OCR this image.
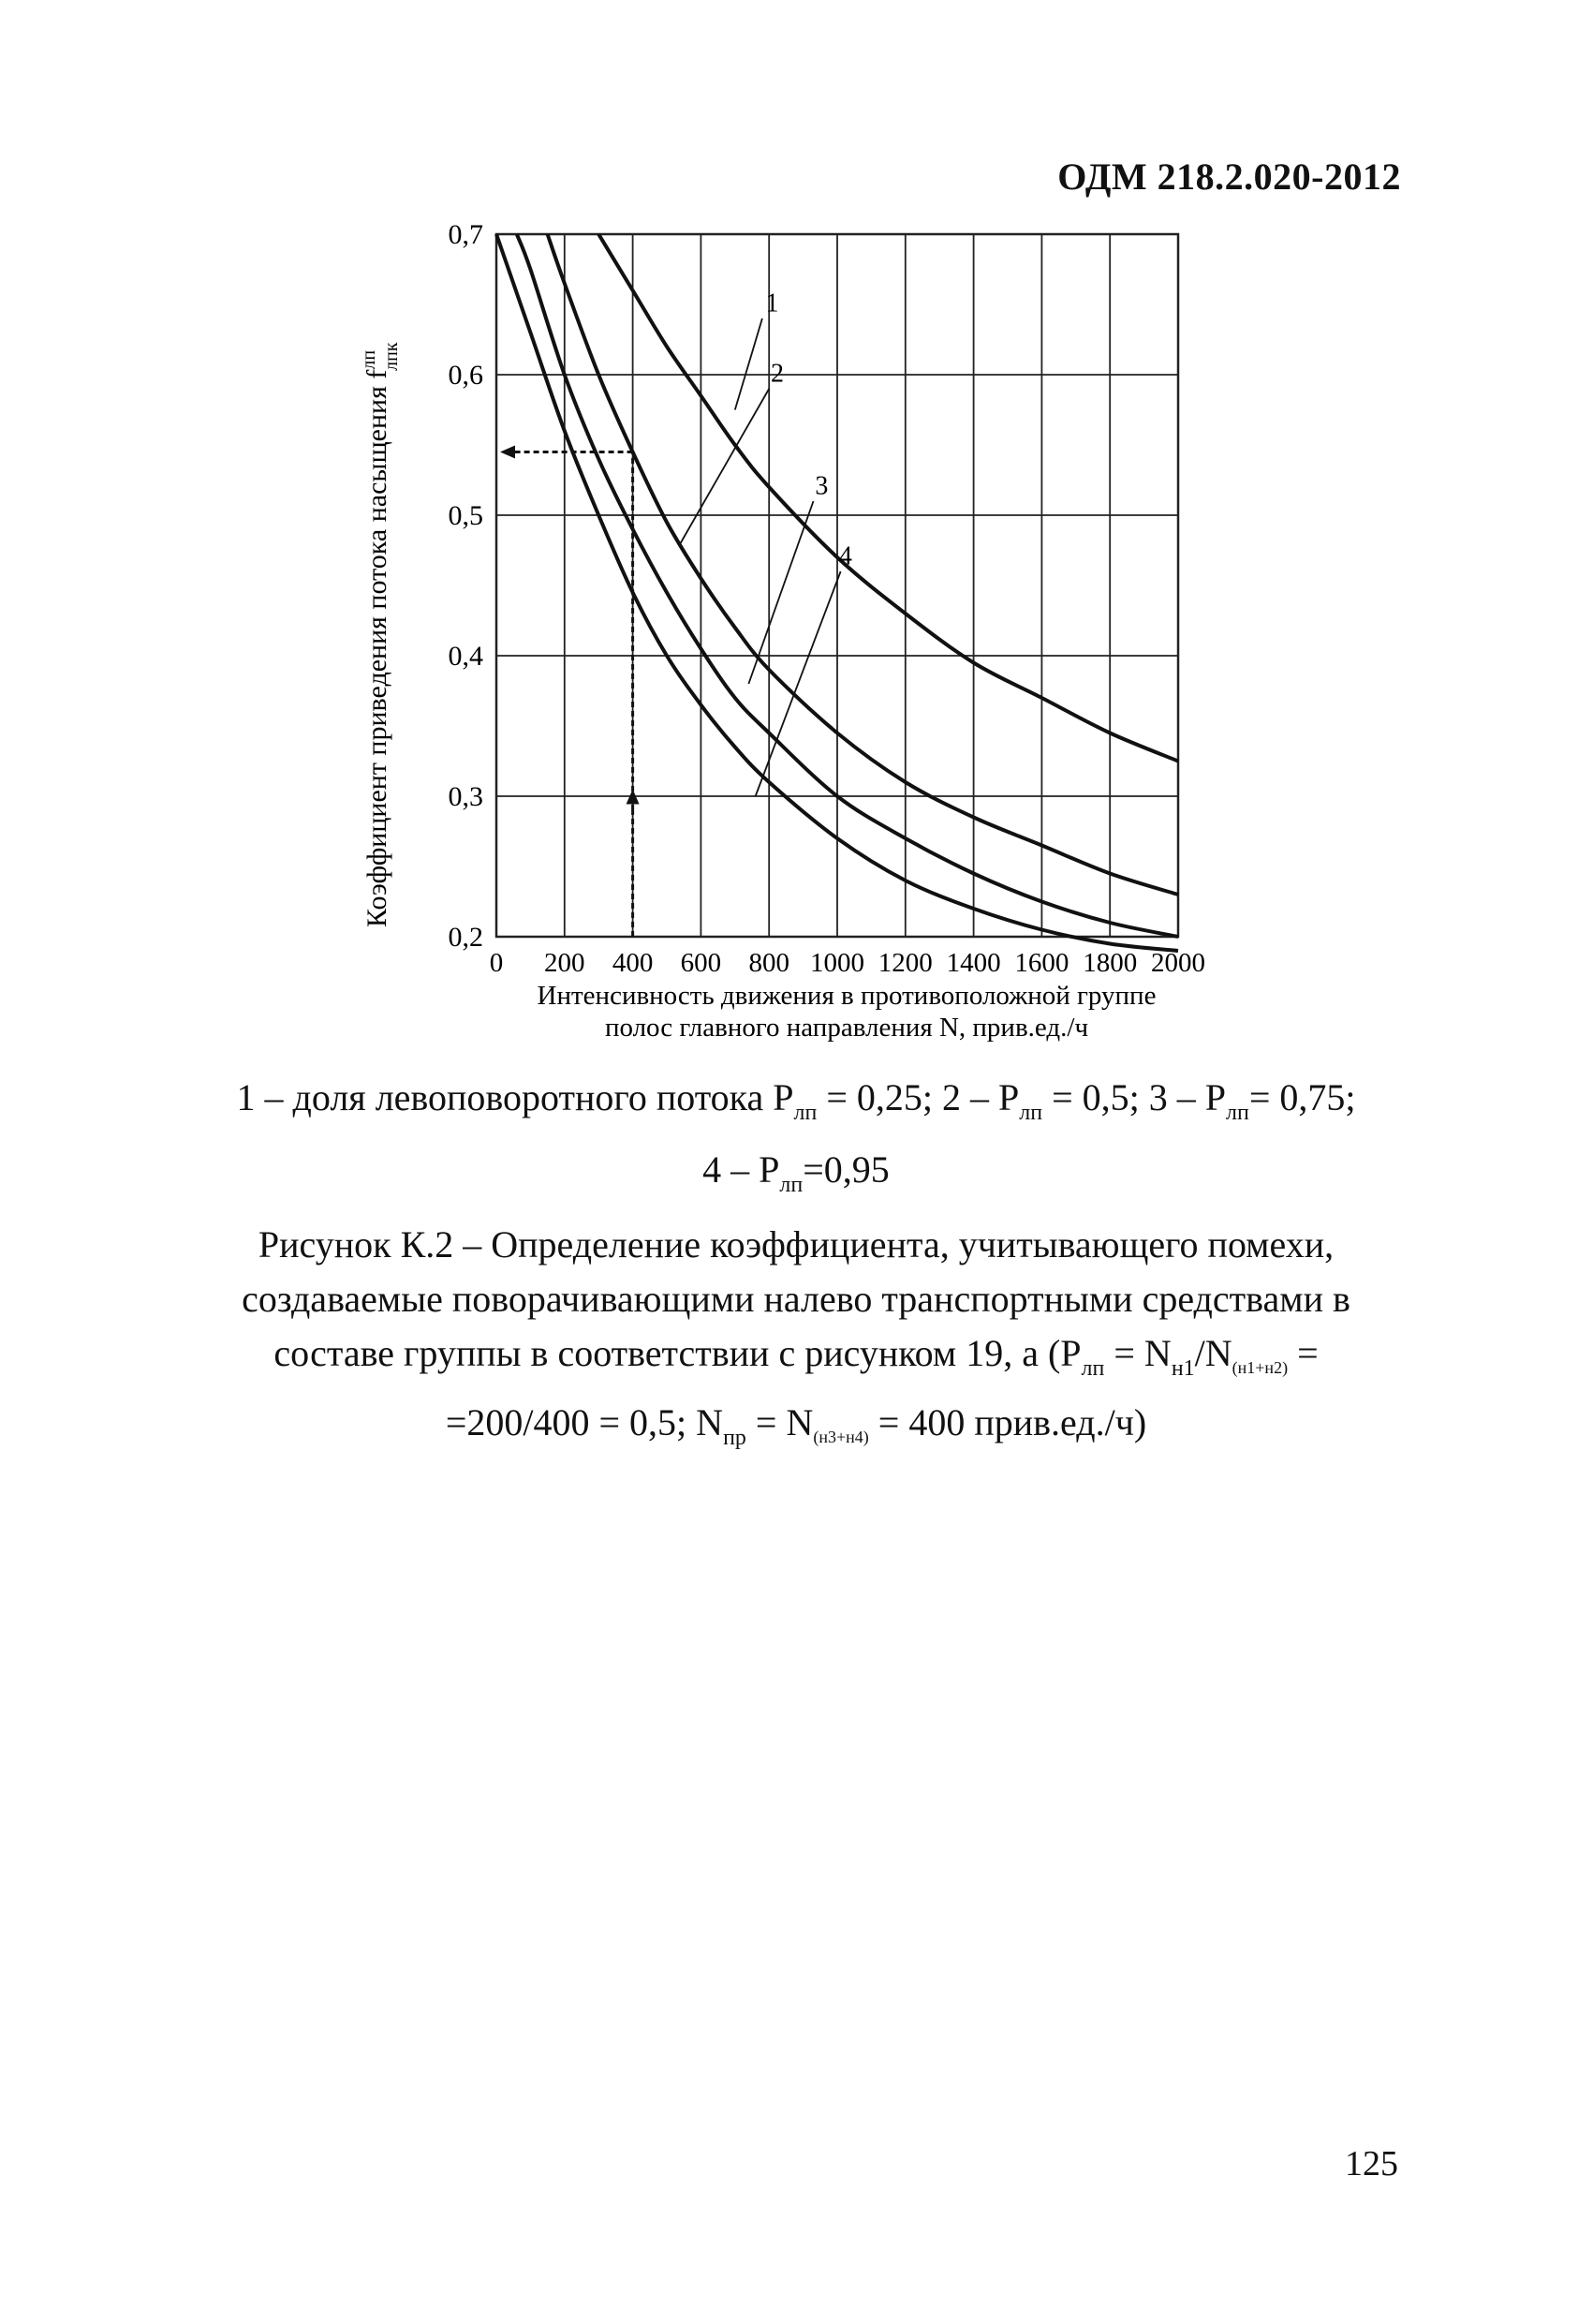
ОДМ 218.2.020-2012
0 200 400 600 800 1000 1200 1400 1600 1800 2000
0,2
0,3
0,4
0,5
0,6
0,7
1
2
3
4
Интенсивность движения в противоположной группе
полос главного направления N, прив.ед./ч
Коэффициент приведения потока насыщения $f^{лп}$ лпк
1 – доля левоповоротного потока $P_{лп} = 0,25$; $2 - P_{лп} = 0,5$; $3 - P_{лп}= 0,75$;
$4 - P_{лп}=0,95$
Рисунок К.2 – Определение коэффициента, учитывающего помехи,
создаваемые поворачивающими налево транспортными средствами в
составе группы в соответствии с рисунком 19, а ($P_{лп} = N_{н1}/N_{(н1+н2)}$ =
=200/400 = 0,5; $N_{пр} = N_{(н3+н4)} = 400$ прив.ед./ч)
125
